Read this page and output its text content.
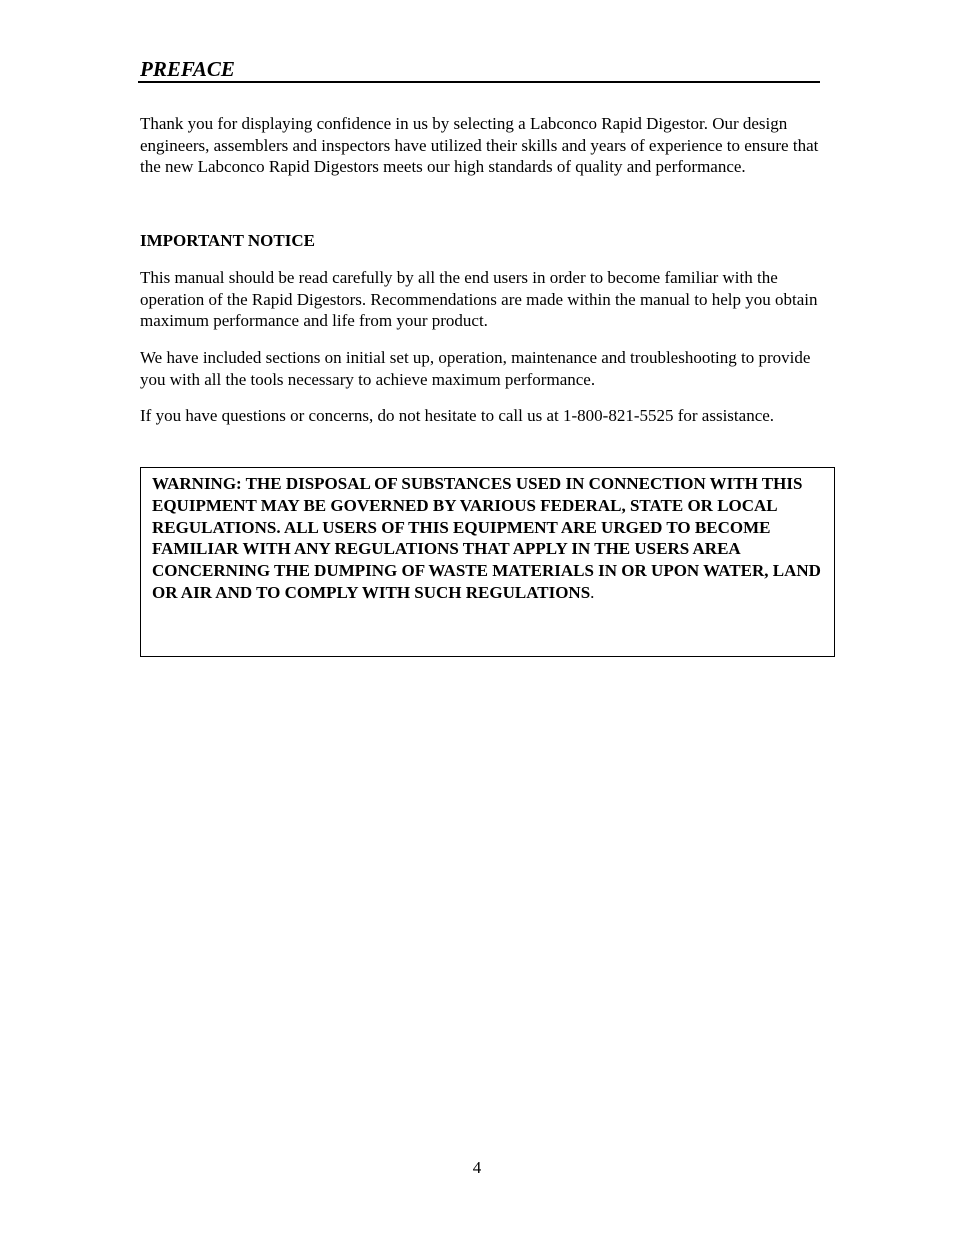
PREFACE

Thank you for displaying confidence in us by selecting a Labconco Rapid Digestor. Our design engineers, assemblers and inspectors have utilized their skills and years of experience to ensure that the new Labconco Rapid Digestors meets our high standards of quality and performance.

IMPORTANT NOTICE

This manual should be read carefully by all the end users in order to become familiar with the operation of the Rapid Digestors. Recommendations are made within the manual to help you obtain maximum performance and life from your product.

We have included sections on initial set up, operation, maintenance and troubleshooting to provide you with all the tools necessary to achieve maximum performance.

If you have questions or concerns, do not hesitate to call us at 1-800-821-5525 for assistance.

WARNING: THE DISPOSAL OF SUBSTANCES USED IN CONNECTION WITH THIS EQUIPMENT MAY BE GOVERNED BY VARIOUS FEDERAL, STATE OR LOCAL REGULATIONS. ALL USERS OF THIS EQUIPMENT ARE URGED TO BECOME FAMILIAR WITH ANY REGULATIONS THAT APPLY IN THE USERS AREA CONCERNING THE DUMPING OF WASTE MATERIALS IN OR UPON WATER, LAND OR AIR AND TO COMPLY WITH SUCH REGULATIONS.

4
